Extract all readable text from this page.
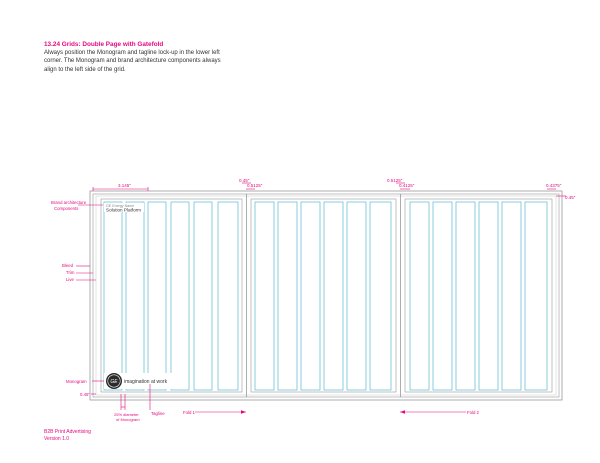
13.24 Grids: Double Page with Gatefold

Always position the Monogram and tagline lock-up in the lower left corner. The Monogram and brand architecture components always align to the left side of the grid.

3.145"
0.45"
0.5125"
0.5125"
0.4125"	0.4375"
0.45"
Brand architecture
Components
Bleed
Trim
Live
Monogram
0.45"
GE Energy Name
Solution Platform
GE imagination at work
25% diameter
of Monogram
Tagline	Fold 1	Fold 2
B2B Print Advertising
Version 1.0
